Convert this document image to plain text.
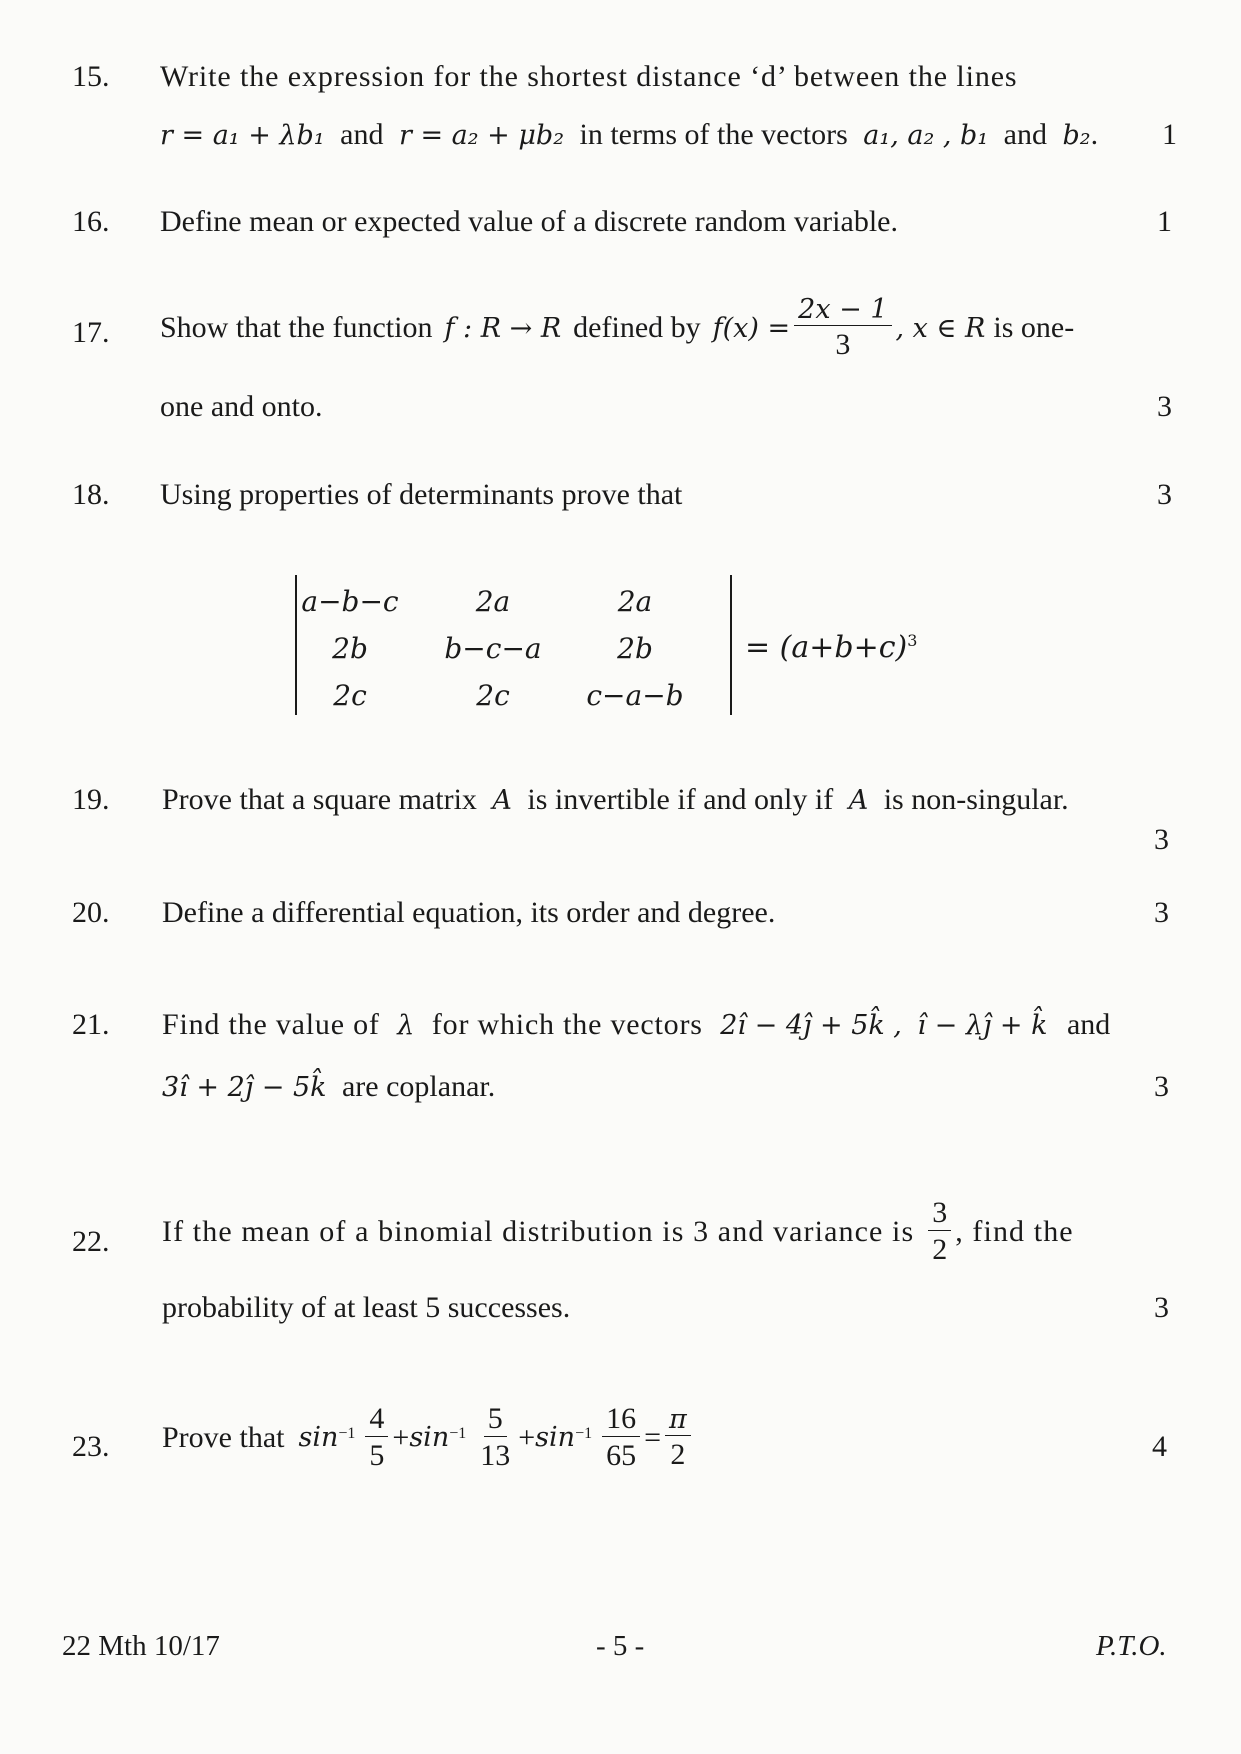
15. Write the expression for the shortest distance ‘d’ between the lines
r = a₁ + λb₁ and r = a₂ + μb₂ in terms of the vectors a₁, a₂ , b₁ and b₂. 1
16. Define mean or expected value of a discrete random variable.	1
17. Show that the function f : R → R defined by $f(x) = \frac{2x - 1}{3}$ , x ∈ R is one-
one and onto.	3
18. Using properties of determinants prove that	3
a−b−c	2a	2a
2b	b−c−a	2b
2c	2c	c−a−b
= $(a+b+c)^3$
19. Prove that a square matrix A is invertible if and only if A is non-singular.
3
20. Define a differential equation, its order and degree.	3
21. Find the value of λ for which the vectors 2î − 4ĵ + 5k̂ , î − λĵ + k̂ and
3î + 2ĵ − 5k̂ are coplanar.	3
22. If the mean of a binomial distribution is 3 and variance is $\frac{3}{2}$ , find the
probability of at least 5 successes.	3
23. Prove that $\sin -1 \frac{4}{5} + \sin -1 \frac{5}{13} + \sin -1 \frac{16}{65} = \frac{\pi}{2}$	4
22 Mth 10/17	- 5 -	P.T.O.
